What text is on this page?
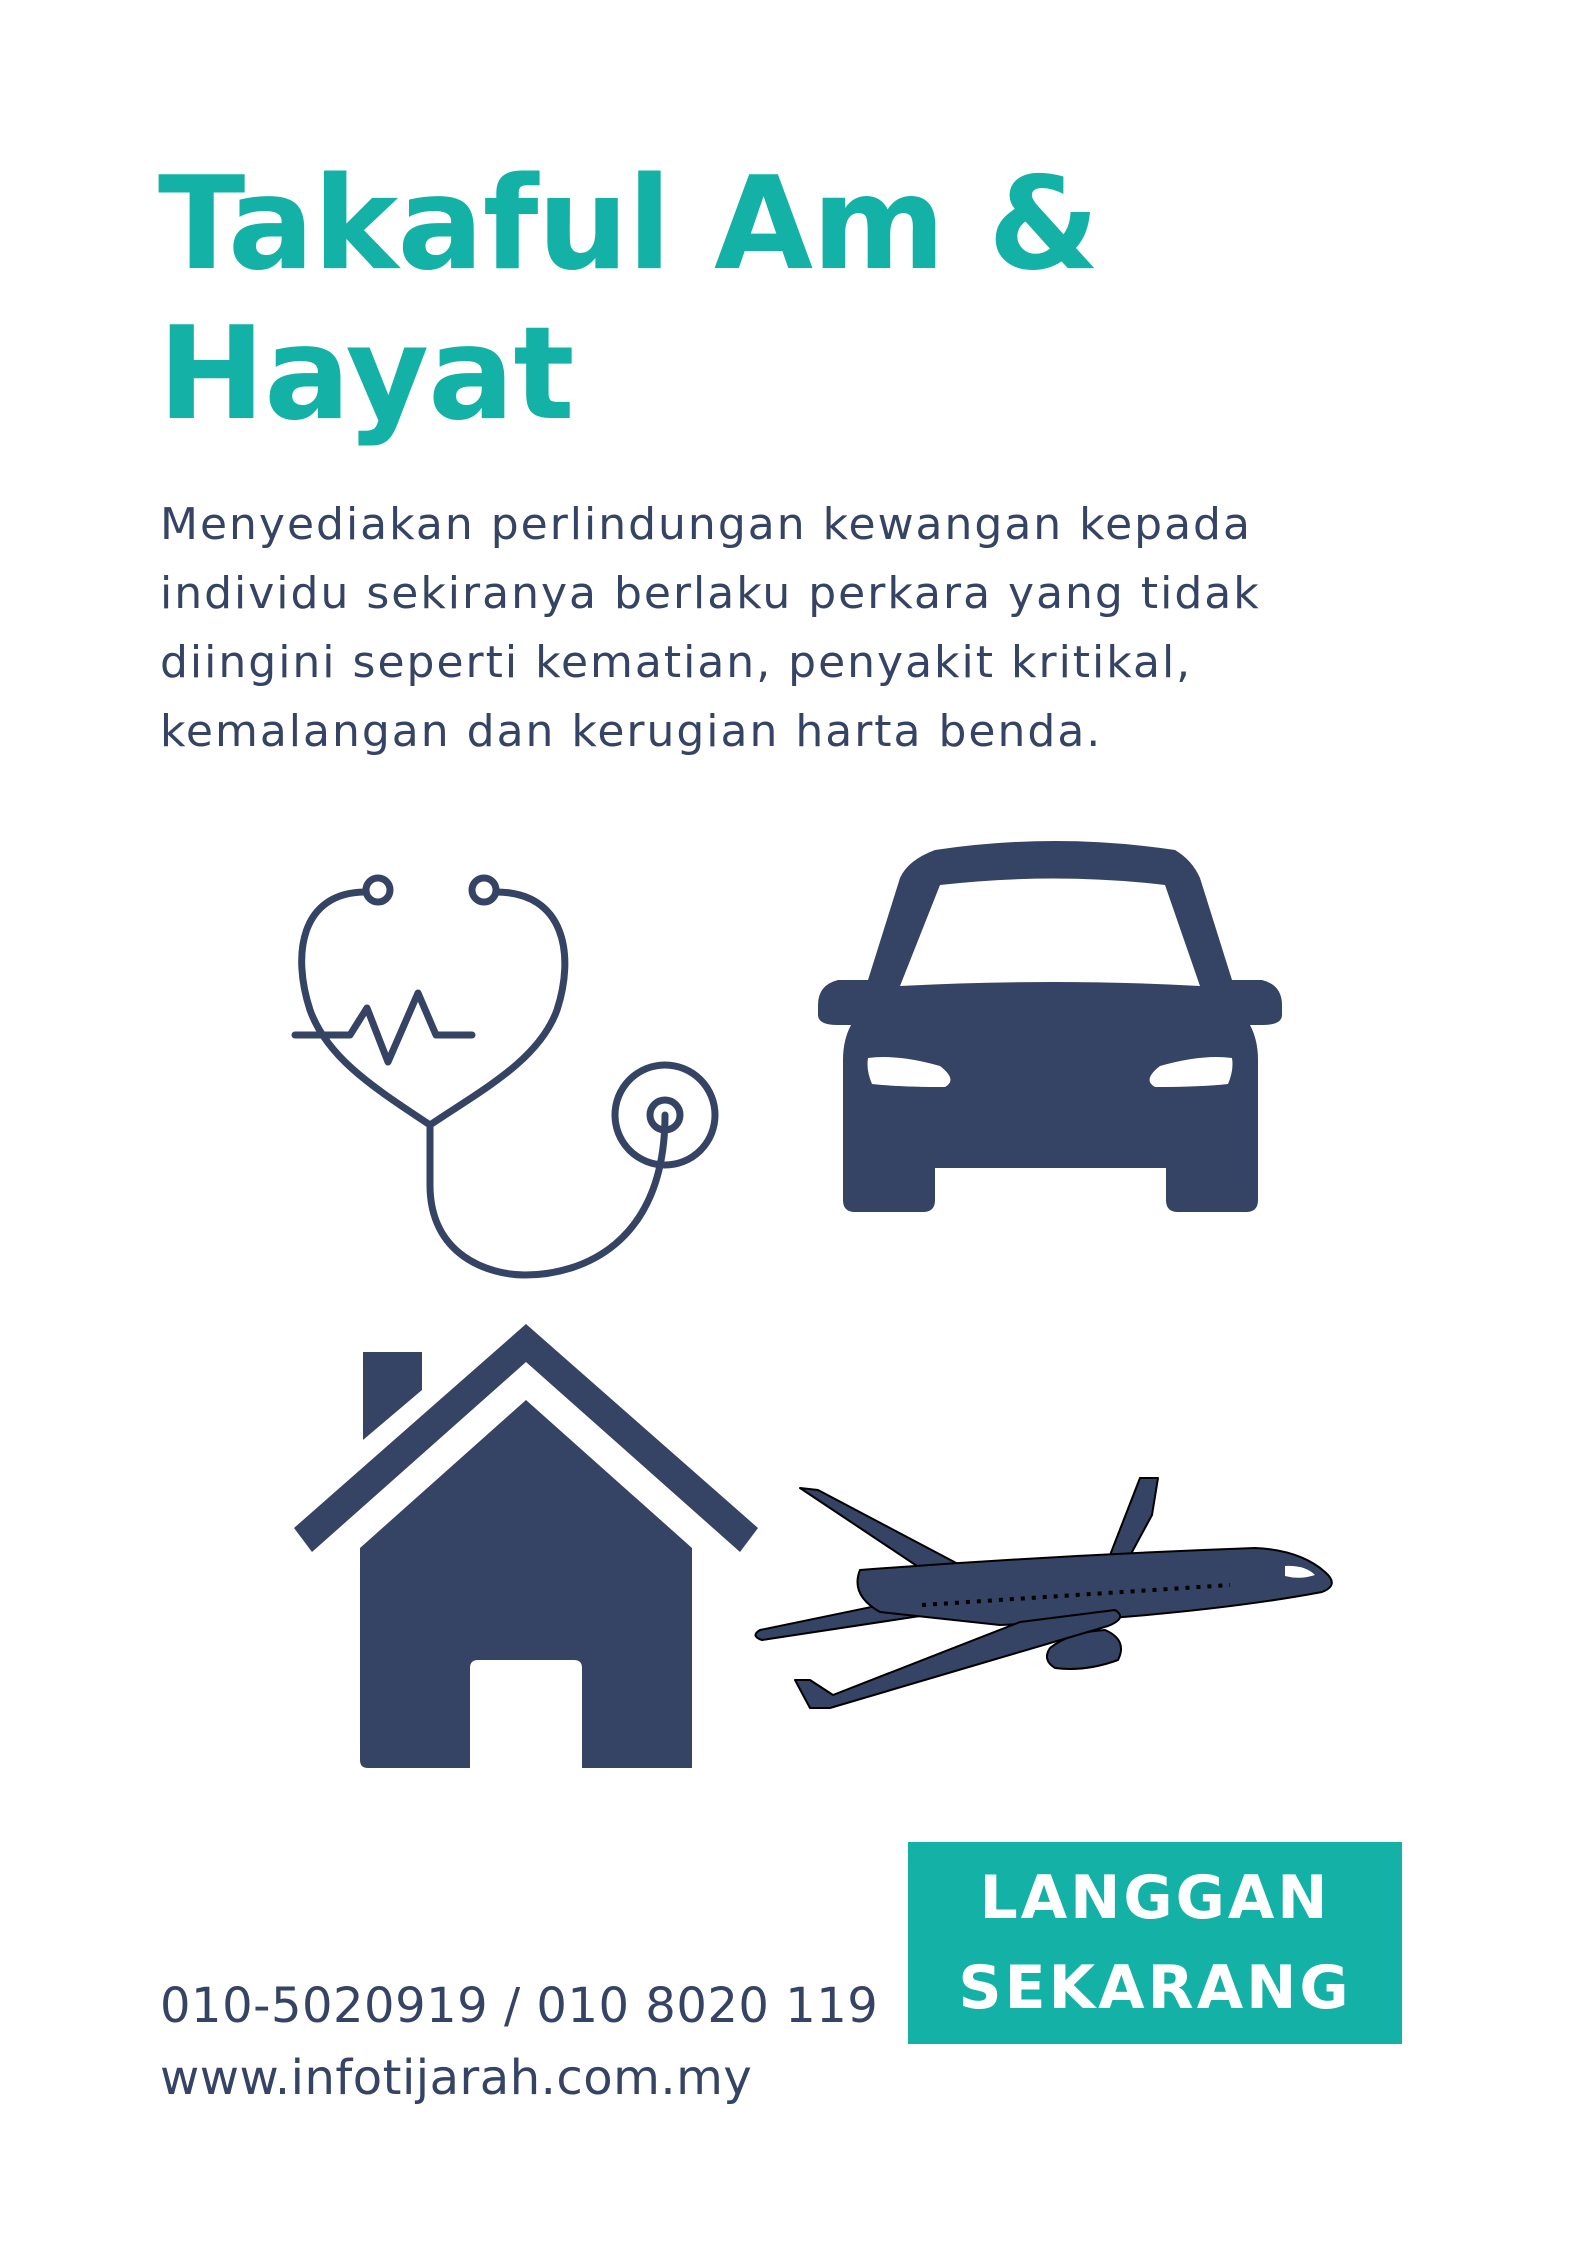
Takaful Am &
Hayat

Menyediakan perlindungan kewangan kepada
individu sekiranya berlaku perkara yang tidak
diingini seperti kematian, penyakit kritikal,
kemalangan dan kerugian harta benda.

LANGGAN
SEKARANG
010-5020919 / 010 8020 119
www.infotijarah.com.my
